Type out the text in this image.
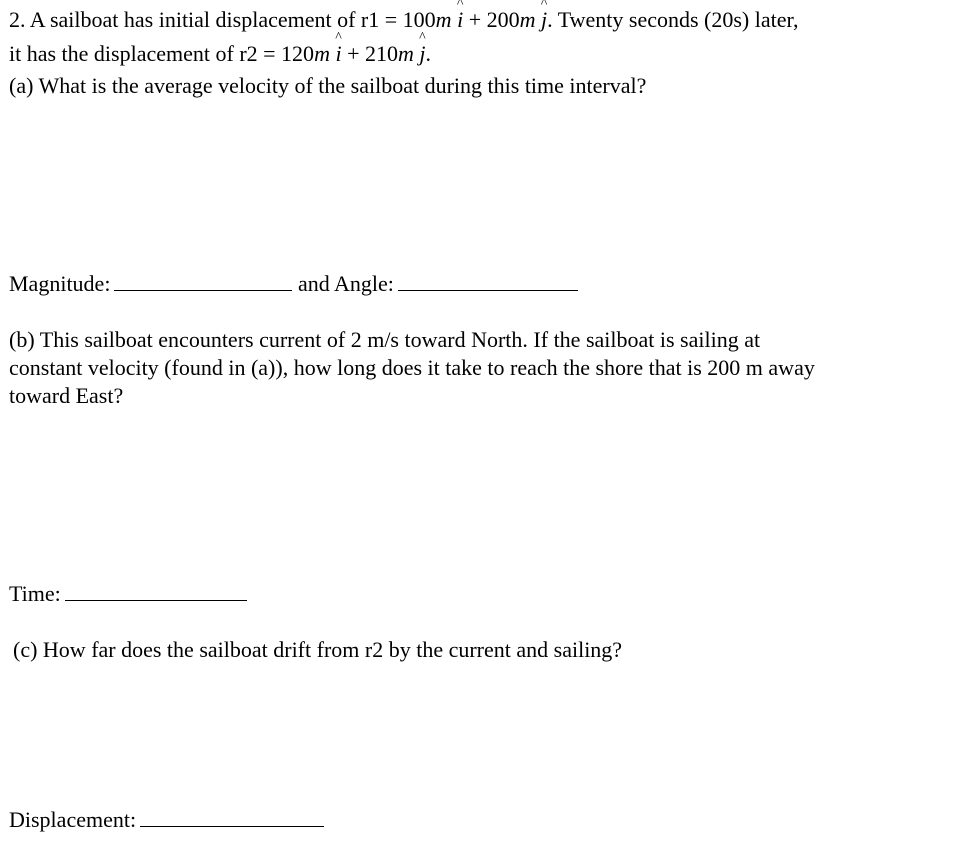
2. A sailboat has initial displacement of r1 = 100m ^ i + 200m ^ j. Twenty seconds (20s) later,
it has the displacement of r2 = 120m ^ i + 210m ^ j.
(a) What is the average velocity of the sailboat during this time interval?
Magnitude:	and Angle:
(b) This sailboat encounters current of 2 m/s toward North. If the sailboat is sailing at
constant velocity (found in (a)), how long does it take to reach the shore that is 200 m away
toward East?
Time:
(c) How far does the sailboat drift from r2 by the current and sailing?
Displacement:
